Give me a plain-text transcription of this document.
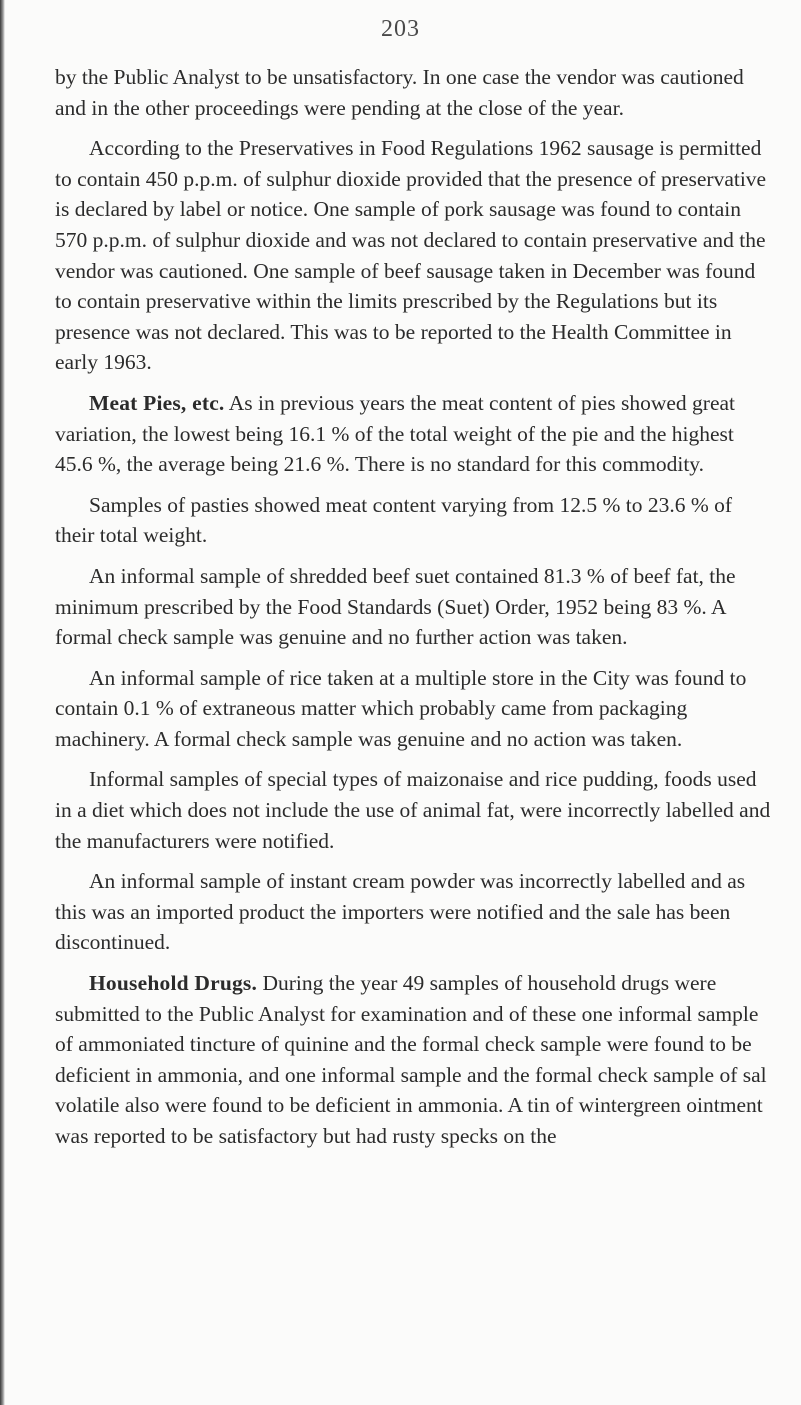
203

by the Public Analyst to be unsatisfactory. In one case the vendor was cautioned and in the other proceedings were pending at the close of the year.

According to the Preservatives in Food Regulations 1962 sausage is permitted to contain 450 p.p.m. of sulphur dioxide provided that the presence of preservative is declared by label or notice. One sample of pork sausage was found to contain 570 p.p.m. of sulphur dioxide and was not declared to contain preservative and the vendor was cautioned. One sample of beef sausage taken in December was found to contain preservative within the limits prescribed by the Regulations but its presence was not declared. This was to be reported to the Health Committee in early 1963.

Meat Pies, etc. As in previous years the meat content of pies showed great variation, the lowest being 16.1 % of the total weight of the pie and the highest 45.6 %, the average being 21.6 %. There is no standard for this commodity.

Samples of pasties showed meat content varying from 12.5 % to 23.6 % of their total weight.

An informal sample of shredded beef suet contained 81.3 % of beef fat, the minimum prescribed by the Food Standards (Suet) Order, 1952 being 83 %. A formal check sample was genuine and no further action was taken.

An informal sample of rice taken at a multiple store in the City was found to contain 0.1 % of extraneous matter which probably came from packaging machinery. A formal check sample was genuine and no action was taken.

Informal samples of special types of maizonaise and rice pudding, foods used in a diet which does not include the use of animal fat, were incorrectly labelled and the manufacturers were notified.

An informal sample of instant cream powder was incorrectly labelled and as this was an imported product the importers were notified and the sale has been discontinued.

Household Drugs. During the year 49 samples of household drugs were submitted to the Public Analyst for examination and of these one informal sample of ammoniated tincture of quinine and the formal check sample were found to be deficient in ammonia, and one informal sample and the formal check sample of sal volatile also were found to be deficient in ammonia. A tin of wintergreen ointment was reported to be satisfactory but had rusty specks on the
